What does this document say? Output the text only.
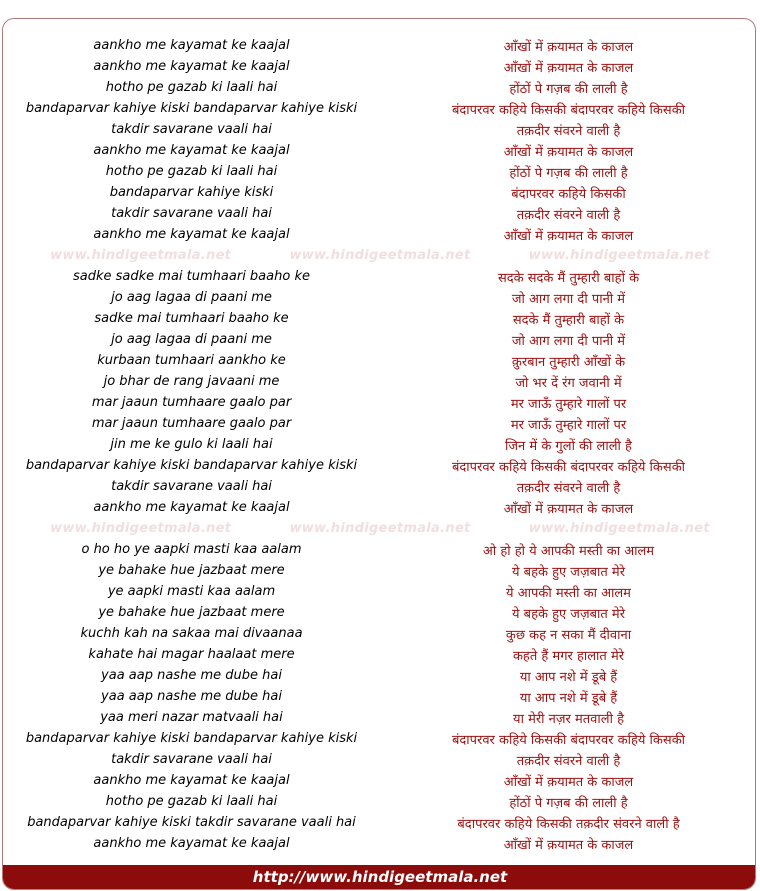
aankho me kayamat ke kaajal	आँखों में क़यामत के काजल
aankho me kayamat ke kaajal	आँखों में क़यामत के काजल
hotho pe gazab ki laali hai	होंठों पे गज़ब की लाली है
bandaparvar kahiye kiski bandaparvar kahiye kiski	बंदापरवर कहिये किसकी बंदापरवर कहिये किसकी
takdir savarane vaali hai	तक़दीर संवरने वाली है
aankho me kayamat ke kaajal	आँखों में क़यामत के काजल
hotho pe gazab ki laali hai	होंठों पे गज़ब की लाली है
bandaparvar kahiye kiski	बंदापरवर कहिये किसकी
takdir savarane vaali hai	तक़दीर संवरने वाली है
aankho me kayamat ke kaajal	आँखों में क़यामत के काजल
www.hindigeetmala.net	www.hindigeetmala.net	www.hindigeetmala.net
sadke sadke mai tumhaari baaho ke	सदके सदके मैं तुम्हारी बाहों के
jo aag lagaa di paani me	जो आग लगा दी पानी में
sadke mai tumhaari baaho ke	सदके मैं तुम्हारी बाहों के
jo aag lagaa di paani me	जो आग लगा दी पानी में
kurbaan tumhaari aankho ke	क़ुरबान तुम्हारी आँखों के
jo bhar de rang javaani me	जो भर दें रंग जवानी में
mar jaaun tumhaare gaalo par	मर जाऊँ तुम्हारे गालों पर
mar jaaun tumhaare gaalo par	मर जाऊँ तुम्हारे गालों पर
jin me ke gulo ki laali hai	जिन में के गुलों की लाली है
bandaparvar kahiye kiski bandaparvar kahiye kiski	बंदापरवर कहिये किसकी बंदापरवर कहिये किसकी
takdir savarane vaali hai	तक़दीर संवरने वाली है
aankho me kayamat ke kaajal	आँखों में क़यामत के काजल
www.hindigeetmala.net	www.hindigeetmala.net	www.hindigeetmala.net
o ho ho ye aapki masti kaa aalam	ओ हो हो ये आपकी मस्ती का आलम
ye bahake hue jazbaat mere	ये बहके हुए जज़बात मेरे
ye aapki masti kaa aalam	ये आपकी मस्ती का आलम
ye bahake hue jazbaat mere	ये बहके हुए जज़बात मेरे
kuchh kah na sakaa mai divaanaa	कुछ कह न सका मैं दीवाना
kahate hai magar haalaat mere	कहते हैं मगर हालात मेरे
yaa aap nashe me dube hai	या आप नशे में डूबे हैं
yaa aap nashe me dube hai	या आप नशे में डूबे हैं
yaa meri nazar matvaali hai	या मेरी नज़र मतवाली है
bandaparvar kahiye kiski bandaparvar kahiye kiski	बंदापरवर कहिये किसकी बंदापरवर कहिये किसकी
takdir savarane vaali hai	तक़दीर संवरने वाली है
aankho me kayamat ke kaajal	आँखों में क़यामत के काजल
hotho pe gazab ki laali hai	होंठों पे गज़ब की लाली है
bandaparvar kahiye kiski takdir savarane vaali hai	बंदापरवर कहिये किसकी तक़दीर संवरने वाली है
aankho me kayamat ke kaajal	आँखों में क़यामत के काजल
http://www.hindigeetmala.net
